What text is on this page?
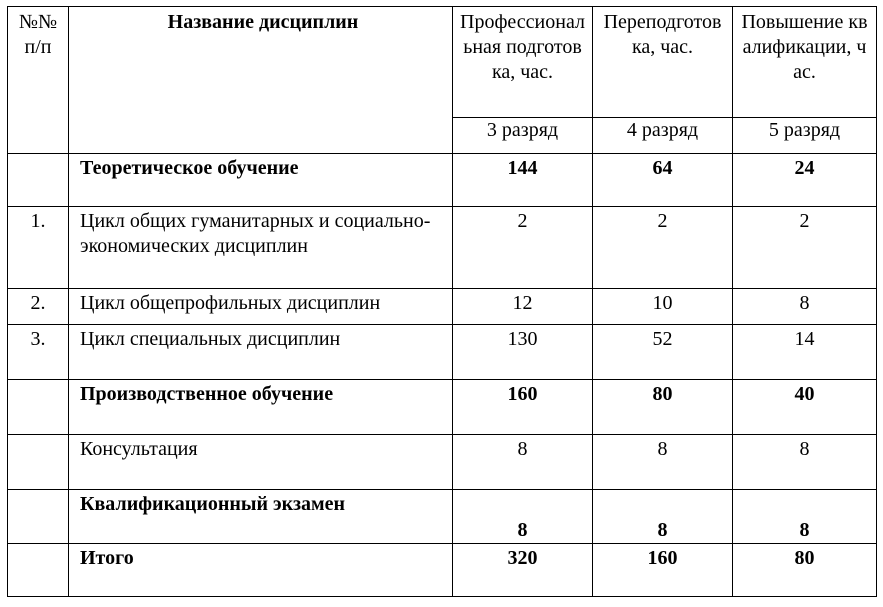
№№ п/п	Название дисциплин	Профессиональная подготовка, час.	Переподготовка, час.	Повышение квалификации, час.
		3 разряд	4 разряд	5 разряд
	Теоретическое обучение	144	64	24
1.	Цикл общих гуманитарных и социально-экономических дисциплин	2	2	2
2.	Цикл общепрофильных дисциплин	12	10	8
3.	Цикл специальных дисциплин	130	52	14
	Производственное обучение	160	80	40
	Консультация	8	8	8
	Квалификационный экзамен	8	8	8
	Итого	320	160	80
